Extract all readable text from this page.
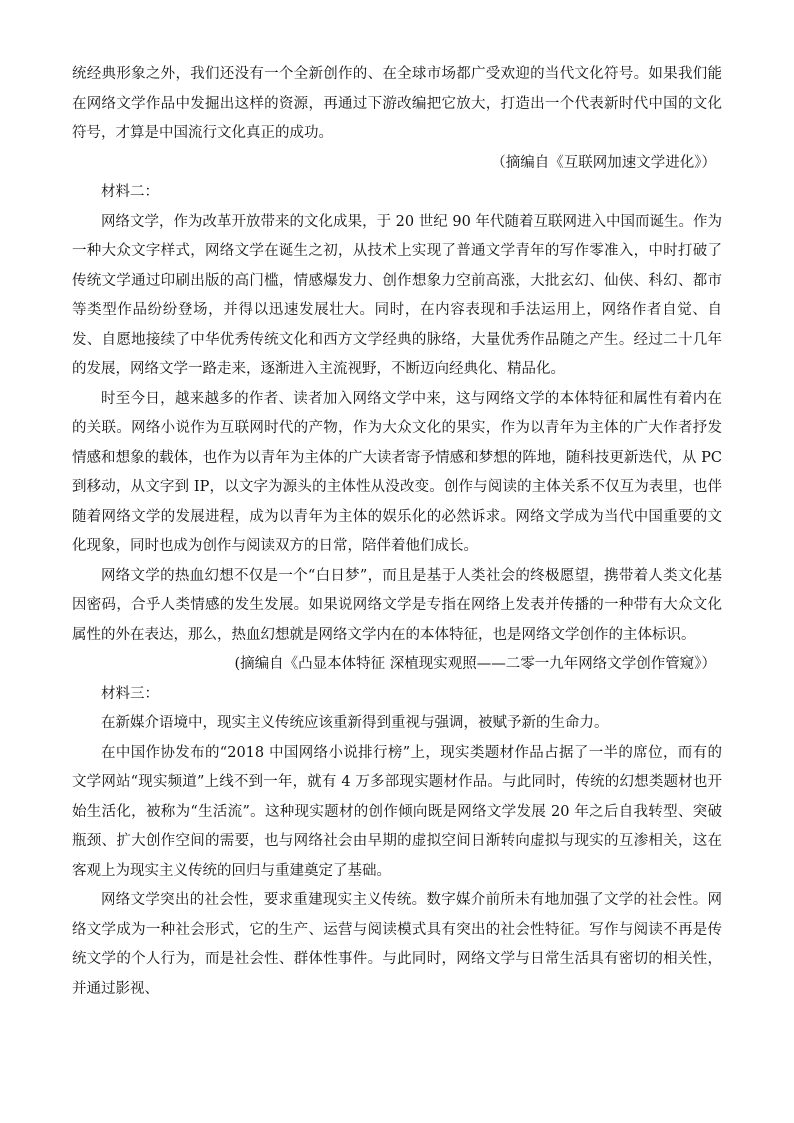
统经典形象之外，我们还没有一个全新创作的、在全球市场都广受欢迎的当代文化符号。如果我们能在网络文学作品中发掘出这样的资源，再通过下游改编把它放大，打造出一个代表新时代中国的文化符号，才算是中国流行文化真正的成功。

（摘编自《互联网加速文学进化》）

材料二：

网络文学，作为改革开放带来的文化成果，于 20 世纪 90 年代随着互联网进入中国而诞生。作为一种大众文字样式，网络文学在诞生之初，从技术上实现了普通文学青年的写作零准入，中时打破了传统文学通过印刷出版的高门槛，情感爆发力、创作想象力空前高涨，大批玄幻、仙侠、科幻、都市等类型作品纷纷登场，并得以迅速发展壮大。同时，在内容表现和手法运用上，网络作者自觉、自发、自愿地接续了中华优秀传统文化和西方文学经典的脉络，大量优秀作品随之产生。经过二十几年的发展，网络文学一路走来，逐渐进入主流视野，不断迈向经典化、精品化。

时至今日，越来越多的作者、读者加入网络文学中来，这与网络文学的本体特征和属性有着内在的关联。网络小说作为互联网时代的产物，作为大众文化的果实，作为以青年为主体的广大作者抒发情感和想象的载体，也作为以青年为主体的广大读者寄予情感和梦想的阵地，随科技更新迭代，从 PC 到移动，从文字到 IP，以文字为源头的主体性从没改变。创作与阅读的主体关系不仅互为表里，也伴随着网络文学的发展进程，成为以青年为主体的娱乐化的必然诉求。网络文学成为当代中国重要的文化现象，同时也成为创作与阅读双方的日常，陪伴着他们成长。

网络文学的热血幻想不仅是一个“白日梦”，而且是基于人类社会的终极愿望，携带着人类文化基因密码，合乎人类情感的发生发展。如果说网络文学是专指在网络上发表并传播的一种带有大众文化属性的外在表达，那么，热血幻想就是网络文学内在的本体特征，也是网络文学创作的主体标识。

(摘编自《凸显本体特征 深植现实观照——二零一九年网络文学创作管窥》）

材料三：

在新媒介语境中，现实主义传统应该重新得到重视与强调，被赋予新的生命力。

在中国作协发布的“2018 中国网络小说排行榜”上，现实类题材作品占据了一半的席位，而有的文学网站“现实频道”上线不到一年，就有 4 万多部现实题材作品。与此同时，传统的幻想类题材也开始生活化，被称为“生活流”。这种现实题材的创作倾向既是网络文学发展 20 年之后自我转型、突破瓶颈、扩大创作空间的需要，也与网络社会由早期的虚拟空间日渐转向虚拟与现实的互渗相关，这在客观上为现实主义传统的回归与重建奠定了基础。

网络文学突出的社会性，要求重建现实主义传统。数字媒介前所未有地加强了文学的社会性。网络文学成为一种社会形式，它的生产、运营与阅读模式具有突出的社会性特征。写作与阅读不再是传统文学的个人行为，而是社会性、群体性事件。与此同时，网络文学与日常生活具有密切的相关性，并通过影视、
